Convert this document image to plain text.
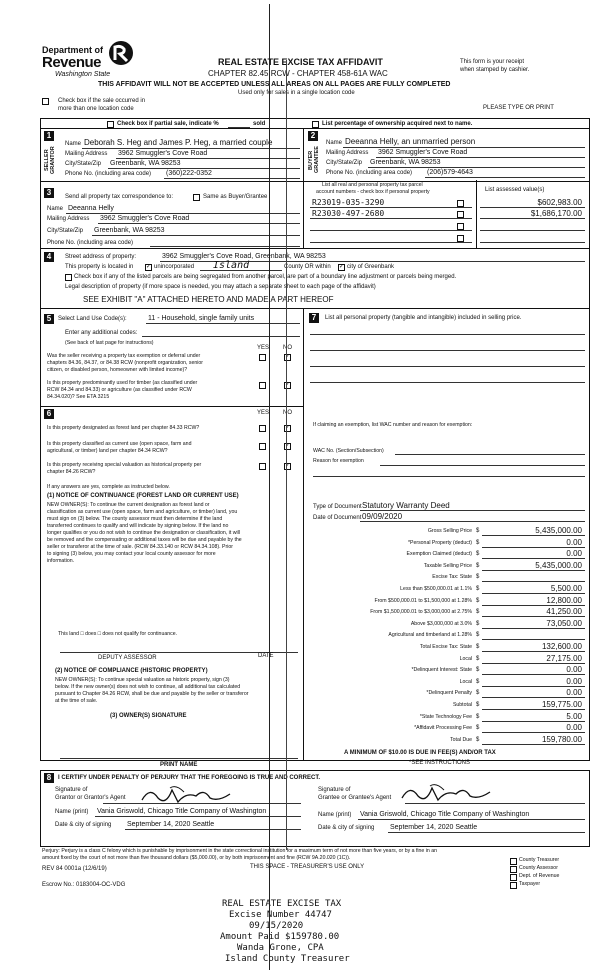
Department of
Revenue
Washington State
REAL ESTATE EXCISE TAX AFFIDAVIT
CHAPTER 82.45 RCW - CHAPTER 458-61A WAC
THIS AFFIDAVIT WILL NOT BE ACCEPTED UNLESS ALL AREAS ON ALL PAGES ARE FULLY COMPLETED
Used only for sales in a single location code
This form is your receipt
when stamped by cashier.
Check box if the sale occurred in
more than one location code	PLEASE TYPE OR PRINT
Check box if partial sale, indicate %	sold	List percentage of ownership acquired next to name.
1
SELLER GRANTOR
Name Deborah S. Heg and James P. Heg, a married couple
Mailing Address 3962 Smuggler's Cove Road
City/State/Zip Greenbank, WA 98253
Phone No. (including area code) (360)222-0352
2
BUYER GRANTEE
Name Deeanna Helly, an unmarried person
Mailing Address 3962 Smuggler's Cove Road
City/State/Zip Greenbank, WA 98253
Phone No. (including area code) (206)579-4643
3	Send all property tax correspondence to:	Same as Buyer/Grantee
Name Deeanna Helly
Mailing Address 3962 Smuggler's Cove Road
City/State/Zip Greenbank, WA 98253
Phone No. (including area code)
List all real and personal property tax parcel
account numbers - check box if personal property	List assessed value(s)
R23019-035-3290	$602,983.00
R23030-497-2680	$1,686,170.00
4	Street address of property:	3962 Smuggler's Cove Road, Greenbank, WA 98253
This property is located in ✓ unincorporated Island	County OR within ✓ city of Greenbank
Check box if any of the listed parcels are being segregated from another parcel, are part of a boundary line adjustment or parcels being merged.
Legal description of property (if more space is needed, you may attach a separate sheet to each page of the affidavit)
SEE EXHIBIT "A" ATTACHED HERETO AND MADE A PART HEREOF
5	Select Land Use Code(s):	11 - Household, single family units
Enter any additional codes:
(See back of last page for instructions)
YES NO
Was the seller receiving a property tax exemption or deferral under
chapters 84.36, 84.37, or 84.38 RCW (nonprofit organization, senior
citizen, or disabled person, homeowner with limited income)?
✓
Is this property predominantly used for timber (as classified under
RCW 84.34 and 84.33) or agriculture (as classified under RCW
84.34.020)? See ETA 3215
✓
6	YES NO
Is this property designated as forest land per chapter 84.33 RCW?	✓
Is this property classified as current use (open space, farm and
agricultural, or timber) land per chapter 84.34 RCW?
✓
Is this property receiving special valuation as historical property per
chapter 84.26 RCW?
✓
If any answers are yes, complete as instructed below.
(1) NOTICE OF CONTINUANCE (FOREST LAND OR CURRENT USE)
NEW OWNER(S): To continue the current designation as forest land or
classification as current use (open space, farm and agriculture, or timber) land, you
must sign on (3) below. The county assessor must then determine if the land
transferred continues to qualify and will indicate by signing below. If the land no
longer qualifies or you do not wish to continue the designation or classification, it will
be removed and the compensating or additional taxes will be due and payable by the
seller or transferor at the time of sale. (RCW 84.33.140 or RCW 84.34.108). Prior
to signing (3) below, you may contact your local county assessor for more
information.
This land □ does □ does not qualify for continuance.
DEPUTY ASSESSOR	DATE
(2) NOTICE OF COMPLIANCE (HISTORIC PROPERTY)
NEW OWNER(S): To continue special valuation as historic property, sign (3)
below. If the new owner(s) does not wish to continue, all additional tax calculated
pursuant to Chapter 84.26 RCW, shall be due and payable by the seller or transferor
at the time of sale.
(3) OWNER(S) SIGNATURE
PRINT NAME
7	List all personal property (tangible and intangible) included in selling price.
If claiming an exemption, list WAC number and reason for exemption:
WAC No. (Section/Subsection)
Reason for exemption
Type of Document Statutory Warranty Deed
Date of Document 09/09/2020
Gross Selling Price $	5,435,000.00
*Personal Property (deduct) $	0.00
Exemption Claimed (deduct) $	0.00
Taxable Selling Price $	5,435,000.00
Excise Tax: State $
Less than $500,000.01 at 1.1% $	5,500.00
From $500,000.01 to $1,500,000 at 1.28% $	12,800.00
From $1,500,000.01 to $3,000,000 at 2.75% $	41,250.00
Above $3,000,000 at 3.0% $	73,050.00
Agricultural and timberland at 1.28% $
Total Excise Tax: State $	132,600.00
Local $	27,175.00
*Delinquent Interest: State $	0.00
Local $	0.00
*Delinquent Penalty $	0.00
Subtotal $	159,775.00
*State Technology Fee $	5.00
*Affidavit Processing Fee $	0.00
Total Due $	159,780.00
A MINIMUM OF $10.00 IS DUE IN FEE(S) AND/OR TAX
*SEE INSTRUCTIONS
8	I CERTIFY UNDER PENALTY OF PERJURY THAT THE FOREGOING IS TRUE AND CORRECT.
Signature of
Grantor or Grantor's Agent
Name (print) Vania Griswold, Chicago Title Company of Washington
Date & city of signing September 14, 2020 Seattle
Signature of
Grantee or Grantee's Agent
Name (print) Vania Griswold, Chicago Title Company of Washington
Date & city of signing September 14, 2020 Seattle
Perjury: Perjury is a class C felony which is punishable by imprisonment in the state correctional institution for a maximum term of not more than five years, or by a fine in an
amount fixed by the court of not more than five thousand dollars ($5,000.00), or by both imprisonment and fine (RCW 9A.20.020 (1C)).
REV 84 0001a (12/6/19)	THIS SPACE - TREASURER'S USE ONLY
Escrow No.: 0183004-OC-VDG
County Treasurer
County Assessor
Dept. of Revenue
Taxpayer
REAL ESTATE EXCISE TAX
Excise Number 44747
09/15/2020
Amount Paid $159780.00
Wanda Grone, CPA
Island County Treasurer
